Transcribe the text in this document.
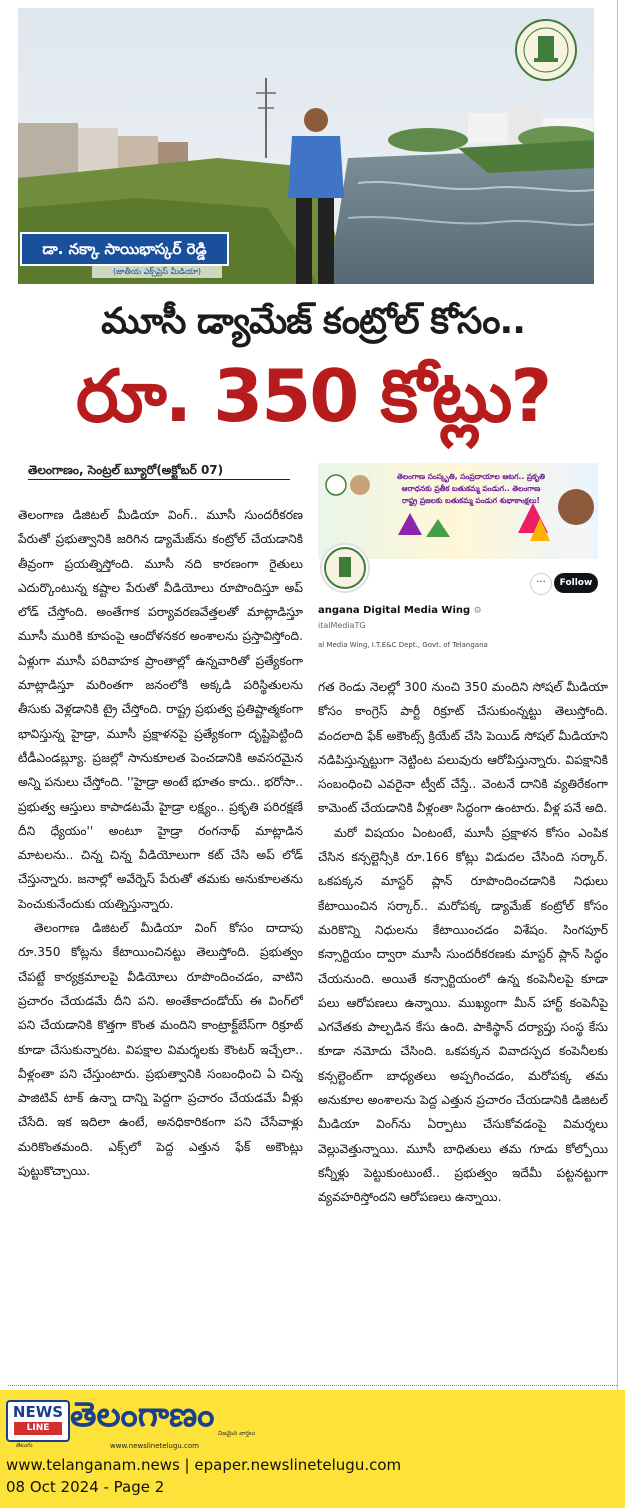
డా. నక్కా సాయిభాస్కర్ రెడ్డి
(జాతీయ ఎక్స్‌ప్రెస్ మీడియా)
మూసీ డ్యామేజ్ కంట్రోల్ కోసం..
రూ. 350 కోట్లు?
తెలంగాణం, సెంట్రల్ బ్యూరో(అక్టోబర్ 07)

తెలంగాణ డిజిటల్ మీడియా వింగ్.. మూసీ సుందరీకరణ పేరుతో ప్రభుత్వానికి జరిగిన డ్యామేజ్‌ను కంట్రోల్ చేయడానికి తీవ్రంగా ప్రయత్నిస్తోంది. మూసీ నది కారణంగా రైతులు ఎదుర్కొంటున్న కష్టాల పేరుతో వీడియోలు రూపొందిస్తూ అప్ లోడ్ చేస్తోంది. అంతేగాక పర్యావరణవేత్తలతో మాట్లాడిస్తూ మూసీ మురికి కూపంపై ఆందోళనకర అంశాలను ప్రస్తావిస్తోంది. ఏళ్లుగా మూసీ పరివాహక ప్రాంతాల్లో ఉన్నవారితో ప్రత్యేకంగా మాట్లాడిస్తూ మరింతగా జనంలోకి అక్కడి పరిస్థితులను తీసుకు వెళ్లడానికి ట్రై చేస్తోంది. రాష్ట్ర ప్రభుత్వ ప్రతిష్టాత్మకంగా భావిస్తున్న హైడ్రా, మూసీ ప్రక్షాళనపై ప్రత్యేకంగా దృష్టిపెట్టింది టీడీఎండబ్ల్యూ. ప్రజల్లో సానుకూలత పెంచడానికి అవసరమైన అన్ని పనులు చేస్తోంది. ''హైడ్రా అంటే భూతం కాదు.. భరోసా.. ప్రభుత్వ ఆస్తులు కాపాడటమే హైడ్రా లక్ష్యం.. ప్రకృతి పరిరక్షణే దీని ధ్యేయం'' అంటూ హైడ్రా రంగనాథ్ మాట్లాడిన మాటలను.. చిన్న చిన్న వీడియోలుగా కట్ చేసి అప్ లోడ్ చేస్తున్నారు. జనాల్లో అవేర్నెస్ పేరుతో తమకు అనుకూలతను పెంచుకునేందుకు యత్నిస్తున్నారు.

తెలంగాణ డిజిటల్ మీడియా వింగ్ కోసం దాదాపు రూ.350 కోట్లను కేటాయించినట్టు తెలుస్తోంది. ప్రభుత్వం చేపట్టే కార్యక్రమాలపై వీడియోలు రూపొందించడం, వాటిని ప్రచారం చేయడమే దీని పని. అంతేకాదండోయ్ ఈ వింగ్‌లో పని చేయడానికి కొత్తగా కొంత మందిని కాంట్రాక్ట్‌బేస్‌గా రిక్రూట్ కూడా చేసుకున్నారట. విపక్షాల విమర్శలకు కౌంటర్ ఇచ్చేలా.. వీళ్లంతా పని చేస్తుంటారు. ప్రభుత్వానికి సంబంధించి ఏ చిన్న పాజిటివ్ టాక్ ఉన్నా దాన్ని పెద్దగా ప్రచారం చేయడమే వీళ్లు చేసేది. ఇక ఇదిలా ఉంటే, అనధికారికంగా పని చేసేవాళ్లు మరికొంతమంది. ఎక్స్‌లో పెద్ద ఎత్తున ఫేక్ అకౌంట్లు పుట్టుకొచ్చాయి.

తెలంగాణ సంస్కృతి, సంప్రదాయాల ఆటగ.. ప్రకృతి ఆరాధనకు ప్రతీక బతుకమ్మ పండుగ.. తెలంగాణ రాష్ట్ర ప్రజలకు బతుకమ్మ పండుగ శుభాకాంక్షలు!
···	Follow
angana Digital Media Wing ⚙
italMediaTG
al Media Wing, I.T.E&C Dept., Govt. of Telangana

గత రెండు నెలల్లో 300 నుంచి 350 మందిని సోషల్ మీడియా కోసం కాంగ్రెస్ పార్టీ రిక్రూట్ చేసుకుంన్నట్టు తెలుస్తోంది. వందలాది ఫేక్ అకౌంట్స్ క్రియేట్ చేసి పెయిడ్ సోషల్ మీడియాని నడిపిస్తున్నట్టుగా నెట్టింట పలువురు ఆరోపిస్తున్నారు. విపక్షానికి సంబంధించి ఎవరైనా ట్వీట్ చేస్తే.. వెంటనే దానికి వ్యతిరేకంగా కామెంట్ చేయడానికి వీళ్లంతా సిద్ధంగా ఉంటారు. వీళ్ల పనే అది.

మరో విషయం ఏంటంటే, మూసీ ప్రక్షాళన కోసం ఎంపిక చేసిన కన్సల్టెన్సీకి రూ.166 కోట్లు విడుదల చేసింది సర్కార్. ఒకపక్కన మాస్టర్ ప్లాన్ రూపొందించడానికి నిధులు కేటాయించిన సర్కార్.. మరోపక్క డ్యామేజ్ కంట్రోల్ కోసం మరికొన్ని నిధులను కేటాయించడం విశేషం. సింగపూర్ కన్సార్టియం ద్వారా మూసీ సుందరీకరణకు మాస్టర్ ప్లాన్ సిద్ధం చేయనుంది. అయితే కన్సార్టియంలో ఉన్న కంపెనీలపై కూడా పలు ఆరోపణలు ఉన్నాయి. ముఖ్యంగా మీన్ హార్ట్ కంపెనీపై ఎగవేతకు పాల్పడిన కేసు ఉంది. పాకిస్థాన్ దర్యాప్తు సంస్థ కేసు కూడా నమోదు చేసింది. ఒకపక్కన వివాదస్పద కంపెనీలకు కన్సల్టెంట్‌గా బాధ్యతలు అప్పగించడం, మరోపక్క తమ అనుకూల అంశాలను పెద్ద ఎత్తున ప్రచారం చేయడానికి డిజిటల్ మీడియా వింగ్‌ను ఏర్పాటు చేసుకోవడంపై విమర్శలు వెల్లువెత్తున్నాయి. మూసీ బాధితులు తమ గూడు కోల్పోయి కన్నీళ్లు పెట్టుకుంటుంటే.. ప్రభుత్వం ఇదేమీ పట్టనట్టుగా వ్యవహరిస్తోందని ఆరోపణలు ఉన్నాయి.

NEWS
LINE
తెలుగు
తెలంగాణం నిజమైన వార్తలు
www.newslinetelugu.com
www.telanganam.news | epaper.newslinetelugu.com
08 Oct 2024 - Page 2
